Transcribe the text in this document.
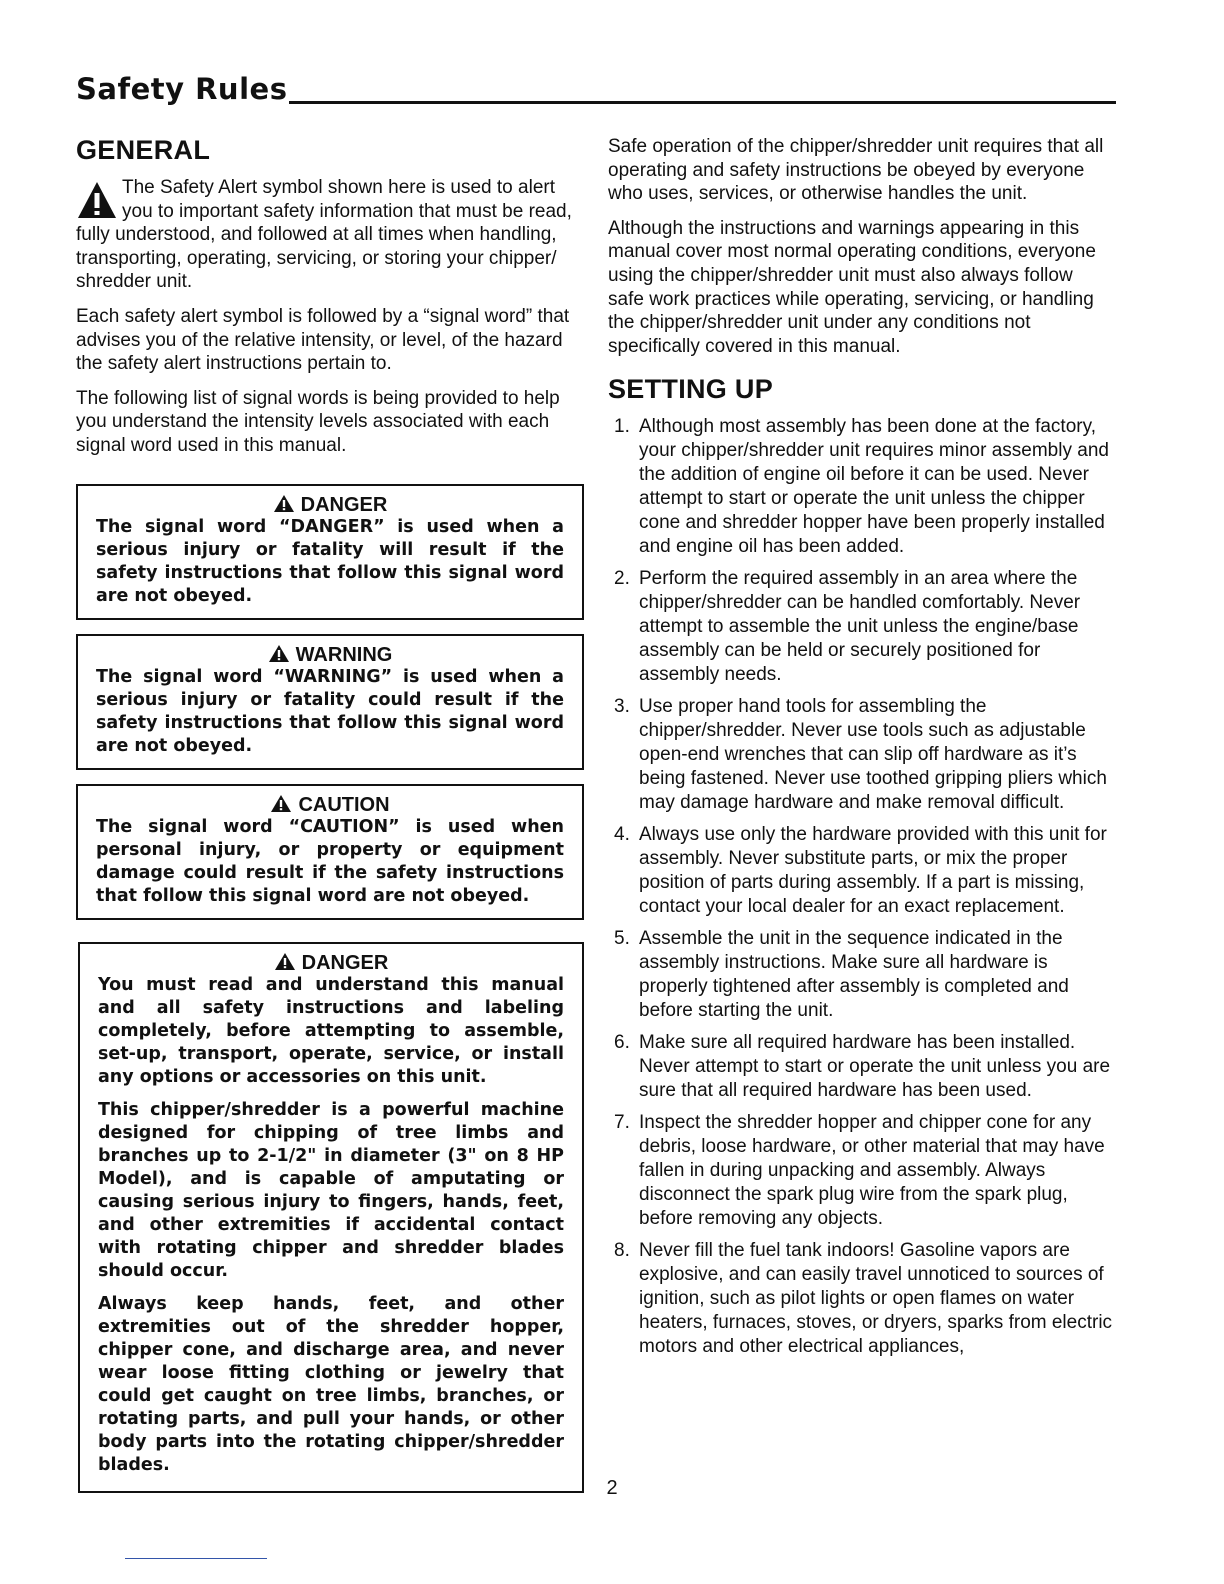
Safety Rules
GENERAL

The Safety Alert symbol shown here is used to alert you to important safety information that must be read, fully understood, and followed at all times when handling, transporting, operating, servicing, or storing your chipper/ shredder unit.

Each safety alert symbol is followed by a “signal word” that advises you of the relative intensity, or level, of the hazard the safety alert instructions pertain to.

The following list of signal words is being provided to help you understand the intensity levels associated with each signal word used in this manual.

DANGER

The signal word “DANGER” is used when a serious injury or fatality will result if the safety instructions that follow this signal word are not obeyed.

WARNING

The signal word “WARNING” is used when a serious injury or fatality could result if the safety instructions that follow this signal word are not obeyed.

CAUTION

The signal word “CAUTION” is used when personal injury, or property or equipment damage could result if the safety instructions that follow this signal word are not obeyed.

DANGER

You must read and understand this manual and all safety instructions and labeling completely, before attempting to assemble, set-up, transport, operate, service, or install any options or accessories on this unit.

This chipper/shredder is a powerful machine designed for chipping of tree limbs and branches up to 2-1/2" in diameter (3" on 8 HP Model), and is capable of amputating or causing serious injury to fingers, hands, feet, and other extremities if accidental contact with rotating chipper and shredder blades should occur.

Always keep hands, feet, and other extremities out of the shredder hopper, chipper cone, and discharge area, and never wear loose fitting clothing or jewelry that could get caught on tree limbs, branches, or rotating parts, and pull your hands, or other body parts into the rotating chipper/shredder blades.

Safe operation of the chipper/shredder unit requires that all operating and safety instructions be obeyed by everyone who uses, services, or otherwise handles the unit.

Although the instructions and warnings appearing in this manual cover most normal operating conditions, everyone using the chipper/shredder unit must also always follow safe work practices while operating, servicing, or handling the chipper/shredder unit under any conditions not specifically covered in this manual.

SETTING UP
1. Although most assembly has been done at the factory, your chipper/shredder unit requires minor assembly and the addition of engine oil before it can be used. Never attempt to start or operate the unit unless the chipper cone and shredder hopper have been properly installed and engine oil has been added.
2. Perform the required assembly in an area where the chipper/shredder can be handled comfortably. Never attempt to assemble the unit unless the engine/base assembly can be held or securely positioned for assembly needs.
3. Use proper hand tools for assembling the chipper/shredder. Never use tools such as adjustable open-end wrenches that can slip off hardware as it’s being fastened. Never use toothed gripping pliers which may damage hardware and make removal difficult.
4. Always use only the hardware provided with this unit for assembly. Never substitute parts, or mix the proper position of parts during assembly. If a part is missing, contact your local dealer for an exact replacement.
5. Assemble the unit in the sequence indicated in the assembly instructions. Make sure all hardware is properly tightened after assembly is completed and before starting the unit.
6. Make sure all required hardware has been installed. Never attempt to start or operate the unit unless you are sure that all required hardware has been used.
7. Inspect the shredder hopper and chipper cone for any debris, loose hardware, or other material that may have fallen in during unpacking and assembly. Always disconnect the spark plug wire from the spark plug, before removing any objects.
8. Never fill the fuel tank indoors! Gasoline vapors are explosive, and can easily travel unnoticed to sources of ignition, such as pilot lights or open flames on water heaters, furnaces, stoves, or dryers, sparks from electric motors and other electrical appliances,
2
